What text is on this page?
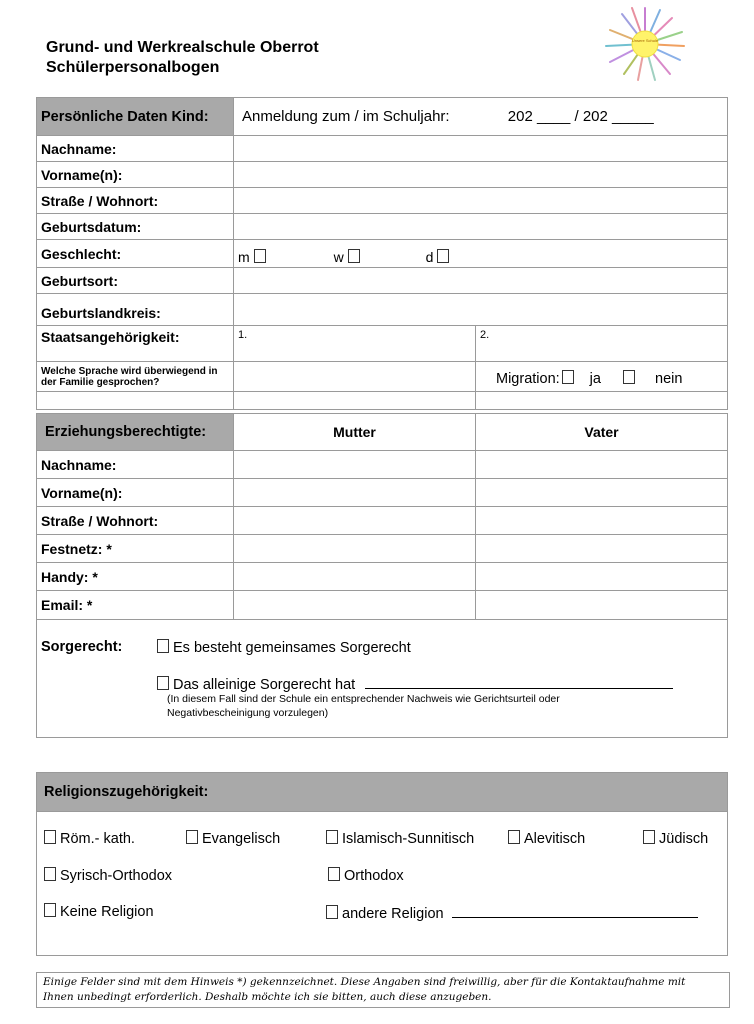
Grund- und Werkrealschule Oberrot
Schülerpersonalbogen
Unsere Schule
Persönliche Daten Kind:	Anmeldung zum / im Schuljahr: 202 ____ / 202 _____	
Nachname:		
Vorname(n):		
Straße / Wohnort:		
Geburtsdatum:		
Geschlecht:	m w d	
Geburtsort:		
Geburtslandkreis:		
Staatsangehörigkeit:	1.	2.
Welche Sprache wird überwiegend in der Familie gesprochen?		Migration: ja nein

Erziehungsberechtigte:	Mutter	Vater
Nachname:		
Vorname(n):		
Straße / Wohnort:		
Festnetz: *		
Handy: *		
Email: *		
Sorgerecht:	Es besteht gemeinsames Sorgerecht
Das alleinige Sorgerecht hat
(In diesem Fall sind der Schule ein entsprechender Nachweis wie Gerichtsurteil oder
Negativbescheinigung vorzulegen)
Religionszugehörigkeit:
Röm.- kath.	Evangelisch	Islamisch-Sunnitisch	Alevitisch	Jüdisch
Syrisch-Orthodox	Orthodox
Keine Religion	andere Religion
Einige Felder sind mit dem Hinweis *) gekennzeichnet. Diese Angaben sind freiwillig, aber für die Kontaktaufnahme mit
Ihnen unbedingt erforderlich. Deshalb möchte ich sie bitten, auch diese anzugeben.
